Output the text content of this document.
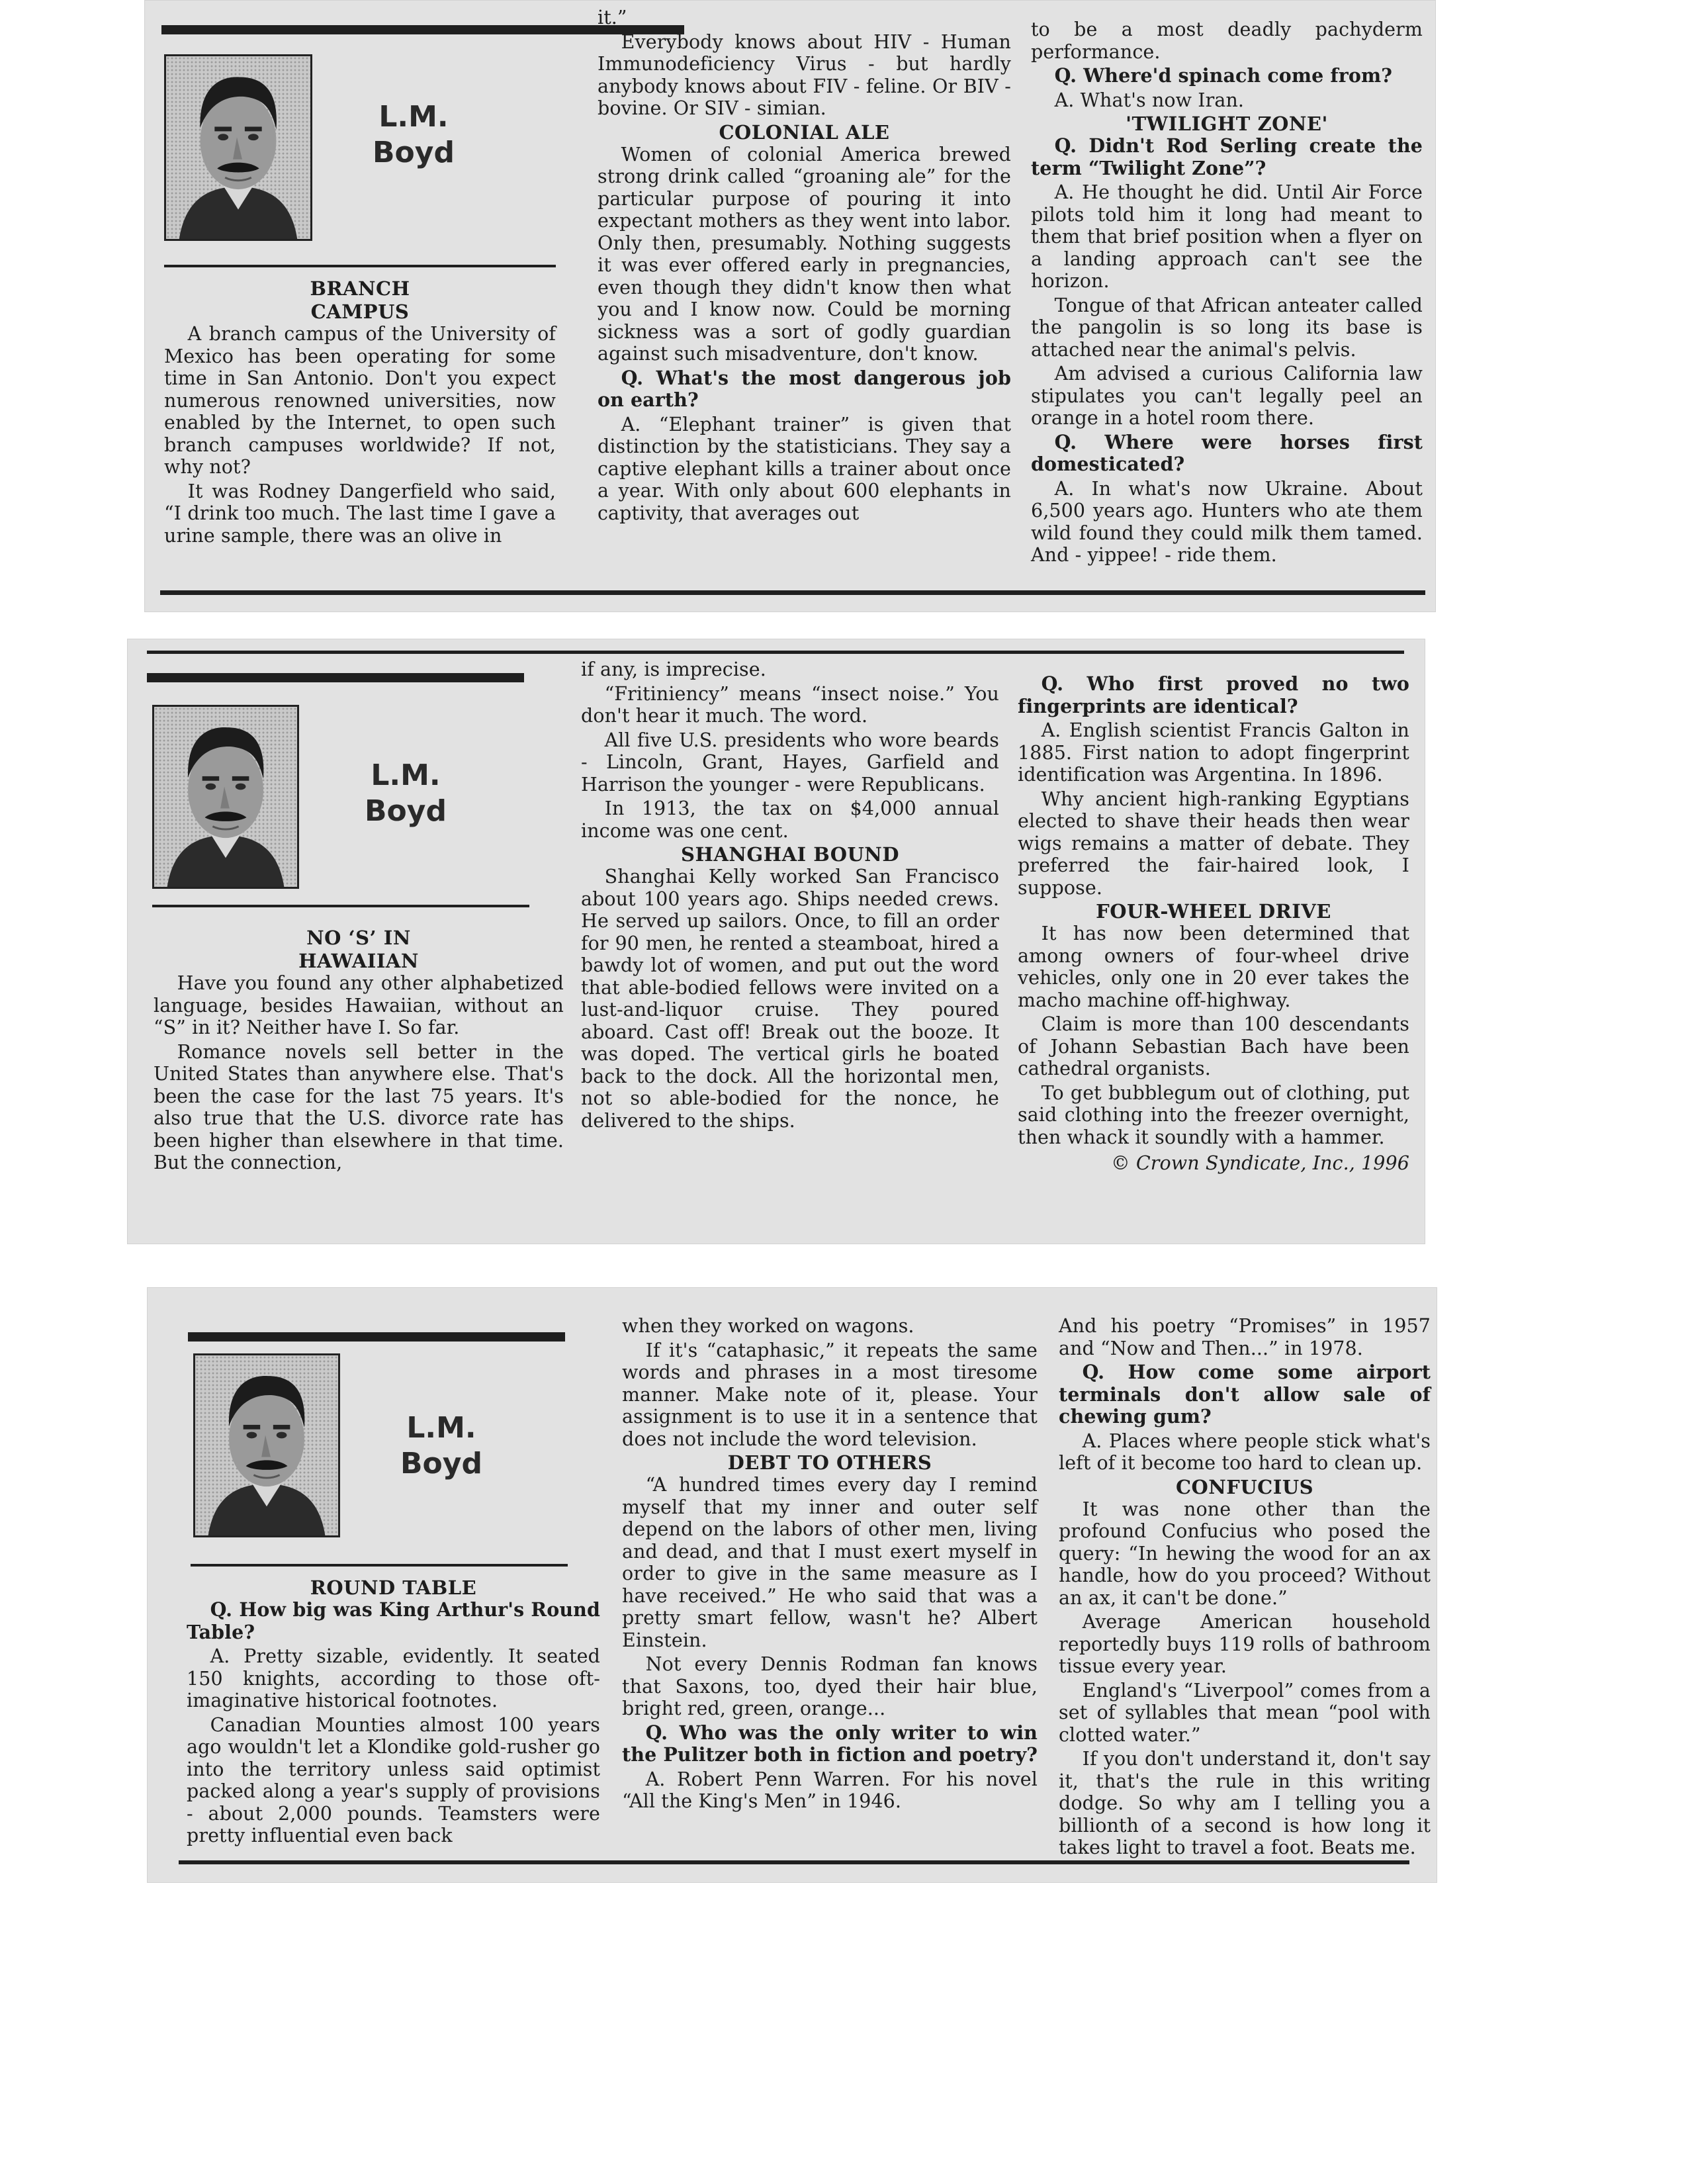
L.M.
Boyd
BRANCH
CAMPUS

A branch campus of the University of Mexico has been operating for some time in San Antonio. Don't you expect numerous renowned universities, now enabled by the Internet, to open such branch campuses worldwide? If not, why not?

It was Rodney Dangerfield who said, “I drink too much. The last time I gave a urine sample, there was an olive in

it.”

Everybody knows about HIV - Human Immunodeficiency Virus - but hardly anybody knows about FIV - feline. Or BIV - bovine. Or SIV - simian.

COLONIAL ALE

Women of colonial America brewed strong drink called “groaning ale” for the particular purpose of pouring it into expectant mothers as they went into labor. Only then, presumably. Nothing suggests it was ever offered early in pregnancies, even though they didn't know then what you and I know now. Could be morning sickness was a sort of godly guardian against such misadventure, don't know.

Q. What's the most dangerous job on earth?

A. “Elephant trainer” is given that distinction by the statisticians. They say a captive elephant kills a trainer about once a year. With only about 600 elephants in captivity, that averages out

to be a most deadly pachyderm performance.

Q. Where'd spinach come from?

A. What's now Iran.

'TWILIGHT ZONE'

Q. Didn't Rod Serling create the term “Twilight Zone”?

A. He thought he did. Until Air Force pilots told him it long had meant to them that brief position when a flyer on a landing approach can't see the horizon.

Tongue of that African anteater called the pangolin is so long its base is attached near the animal's pelvis.

Am advised a curious California law stipulates you can't legally peel an orange in a hotel room there.

Q. Where were horses first domesticated?

A. In what's now Ukraine. About 6,500 years ago. Hunters who ate them wild found they could milk them tamed. And - yippee! - ride them.

L.M.
Boyd
NO ‘S’ IN
HAWAIIAN

Have you found any other alphabetized language, besides Hawaiian, without an “S” in it? Neither have I. So far.

Romance novels sell better in the United States than anywhere else. That's been the case for the last 75 years. It's also true that the U.S. divorce rate has been higher than elsewhere in that time. But the connection,

if any, is imprecise.

“Fritiniency” means “insect noise.” You don't hear it much. The word.

All five U.S. presidents who wore beards - Lincoln, Grant, Hayes, Garfield and Harrison the younger - were Republicans.

In 1913, the tax on $4,000 annual income was one cent.

SHANGHAI BOUND

Shanghai Kelly worked San Francisco about 100 years ago. Ships needed crews. He served up sailors. Once, to fill an order for 90 men, he rented a steamboat, hired a bawdy lot of women, and put out the word that able-bodied fellows were invited on a lust-and-liquor cruise. They poured aboard. Cast off! Break out the booze. It was doped. The vertical girls he boated back to the dock. All the horizontal men, not so able-bodied for the nonce, he delivered to the ships.

Q. Who first proved no two fingerprints are identical?

A. English scientist Francis Galton in 1885. First nation to adopt fingerprint identification was Argentina. In 1896.

Why ancient high-ranking Egyptians elected to shave their heads then wear wigs remains a matter of debate. They preferred the fair-haired look, I suppose.

FOUR-WHEEL DRIVE

It has now been determined that among owners of four-wheel drive vehicles, only one in 20 ever takes the macho machine off-highway.

Claim is more than 100 descendants of Johann Sebastian Bach have been cathedral organists.

To get bubblegum out of clothing, put said clothing into the freezer overnight, then whack it soundly with a hammer.

© Crown Syndicate, Inc., 1996

L.M.
Boyd
ROUND TABLE

Q. How big was King Arthur's Round Table?

A. Pretty sizable, evidently. It seated 150 knights, according to those oft-imaginative historical footnotes.

Canadian Mounties almost 100 years ago wouldn't let a Klondike gold-rusher go into the territory unless said optimist packed along a year's supply of provisions - about 2,000 pounds. Teamsters were pretty influential even back

when they worked on wagons.

If it's “cataphasic,” it repeats the same words and phrases in a most tiresome manner. Make note of it, please. Your assignment is to use it in a sentence that does not include the word television.

DEBT TO OTHERS

“A hundred times every day I remind myself that my inner and outer self depend on the labors of other men, living and dead, and that I must exert myself in order to give in the same measure as I have received.” He who said that was a pretty smart fellow, wasn't he? Albert Einstein.

Not every Dennis Rodman fan knows that Saxons, too, dyed their hair blue, bright red, green, orange...

Q. Who was the only writer to win the Pulitzer both in fiction and poetry?

A. Robert Penn Warren. For his novel “All the King's Men” in 1946.

And his poetry “Promises” in 1957 and “Now and Then...” in 1978.

Q. How come some airport terminals don't allow sale of chewing gum?

A. Places where people stick what's left of it become too hard to clean up.

CONFUCIUS

It was none other than the profound Confucius who posed the query: “In hewing the wood for an ax handle, how do you proceed? Without an ax, it can't be done.”

Average American household reportedly buys 119 rolls of bathroom tissue every year.

England's “Liverpool” comes from a set of syllables that mean “pool with clotted water.”

If you don't understand it, don't say it, that's the rule in this writing dodge. So why am I telling you a billionth of a second is how long it takes light to travel a foot. Beats me.
